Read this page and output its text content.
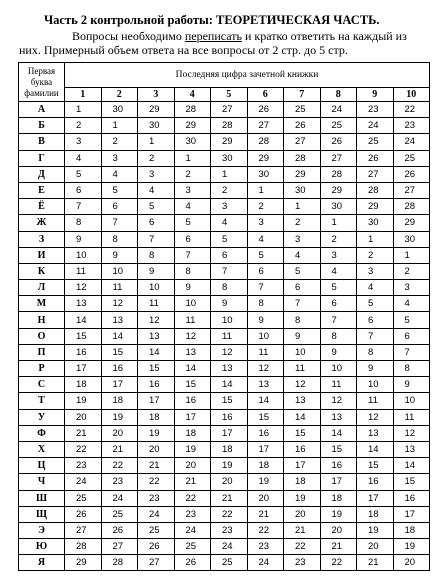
Часть 2 контрольной работы: ТЕОРЕТИЧЕСКАЯ ЧАСТЬ.
Вопросы необходимо переписать и кратко ответить на каждый из
них. Примерный объем ответа на все вопросы от 2 стр. до 5 стр.
Первая буква фамилии	Последняя цифра зачетной книжки									
	1	2	3	4	5	6	7	8	9	10
А	1	30	29	28	27	26	25	24	23	22
Б	2	1	30	29	28	27	26	25	24	23
В	3	2	1	30	29	28	27	26	25	24
Г	4	3	2	1	30	29	28	27	26	25
Д	5	4	3	2	1	30	29	28	27	26
Е	6	5	4	3	2	1	30	29	28	27
Ё	7	6	5	4	3	2	1	30	29	28
Ж	8	7	6	5	4	3	2	1	30	29
З	9	8	7	6	5	4	3	2	1	30
И	10	9	8	7	6	5	4	3	2	1
К	11	10	9	8	7	6	5	4	3	2
Л	12	11	10	9	8	7	6	5	4	3
М	13	12	11	10	9	8	7	6	5	4
Н	14	13	12	11	10	9	8	7	6	5
О	15	14	13	12	11	10	9	8	7	6
П	16	15	14	13	12	11	10	9	8	7
Р	17	16	15	14	13	12	11	10	9	8
С	18	17	16	15	14	13	12	11	10	9
Т	19	18	17	16	15	14	13	12	11	10
У	20	19	18	17	16	15	14	13	12	11
Ф	21	20	19	18	17	16	15	14	13	12
Х	22	21	20	19	18	17	16	15	14	13
Ц	23	22	21	20	19	18	17	16	15	14
Ч	24	23	22	21	20	19	18	17	16	15
Ш	25	24	23	22	21	20	19	18	17	16
Щ	26	25	24	23	22	21	20	19	18	17
Э	27	26	25	24	23	22	21	20	19	18
Ю	28	27	26	25	24	23	22	21	20	19
Я	29	28	27	26	25	24	23	22	21	20
